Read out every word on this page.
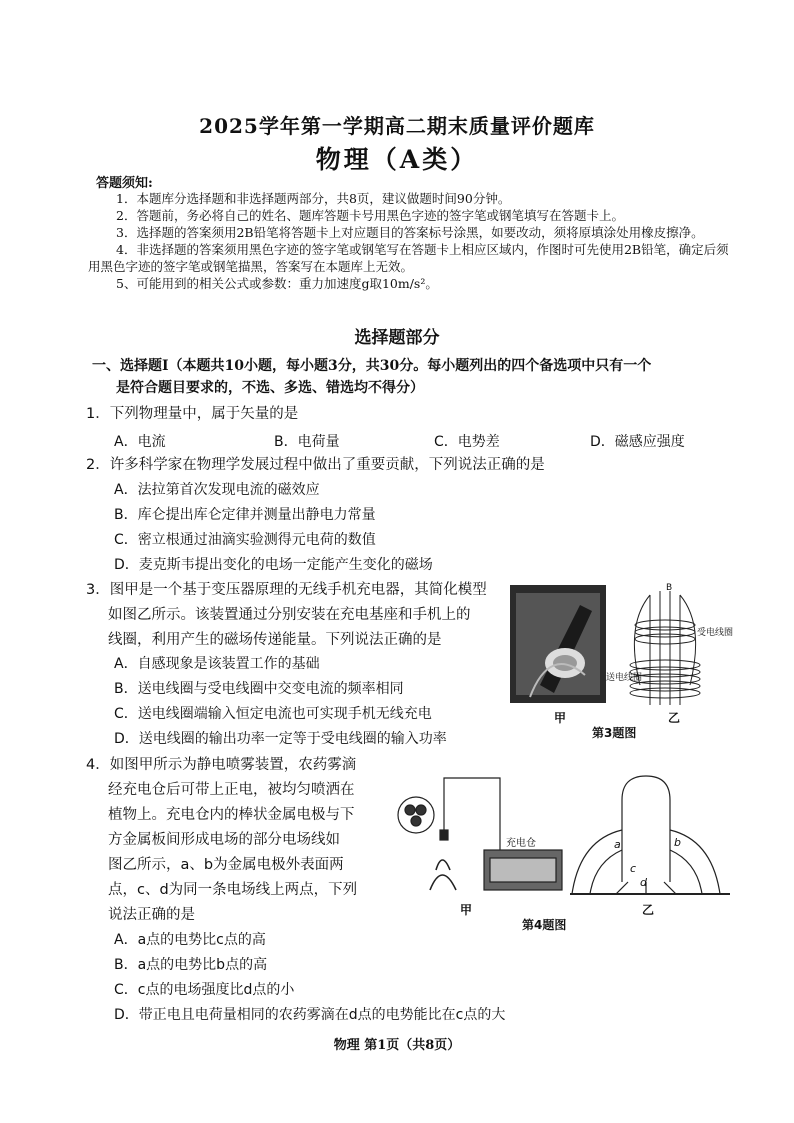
2025学年第一学期高二期末质量评价题库
物理（A类）
答题须知:

1．本题库分选择题和非选择题两部分，共8页，建议做题时间90分钟。

2．答题前，务必将自己的姓名、题库答题卡号用黑色字迹的签字笔或钢笔填写在答题卡上。

3．选择题的答案须用2B铅笔将答题卡上对应题目的答案标号涂黑，如要改动，须将原填涂处用橡皮擦净。

4．非选择题的答案须用黑色字迹的签字笔或钢笔写在答题卡上相应区域内，作图时可先使用2B铅笔，确定后须用黑色字迹的签字笔或钢笔描黑，答案写在本题库上无效。

5、可能用到的相关公式或参数：重力加速度g取10m/s²。

选择题部分

一、选择题Ⅰ（本题共10小题，每小题3分，共30分。每小题列出的四个备选项中只有一个

是符合题目要求的，不选、多选、错选均不得分）

1．下列物理量中，属于矢量的是

A．电流	B．电荷量	C．电势差	D．磁感应强度

2．许多科学家在物理学发展过程中做出了重要贡献，下列说法正确的是

A．法拉第首次发现电流的磁效应

B．库仑提出库仑定律并测量出静电力常量

C．密立根通过油滴实验测得元电荷的数值

D．麦克斯韦提出变化的电场一定能产生变化的磁场

3．图甲是一个基于变压器原理的无线手机充电器，其简化模型

如图乙所示。该装置通过分别安装在充电基座和手机上的

线圈，利用产生的磁场传递能量。下列说法正确的是

A．自感现象是该装置工作的基础

B．送电线圈与受电线圈中交变电流的频率相同

C．送电线圈端输入恒定电流也可实现手机无线充电

D．送电线圈的输出功率一定等于受电线圈的输入功率

B
受电线圈
送电线圈
甲	乙
第3题图

4．如图甲所示为静电喷雾装置，农药雾滴

经充电仓后可带上正电，被均匀喷洒在

植物上。充电仓内的棒状金属电极与下

方金属板间形成电场的部分电场线如

图乙所示，a、b为金属电极外表面两

点，c、d为同一条电场线上两点，下列

说法正确的是

A．a点的电势比c点的高

B．a点的电势比b点的高

C．c点的电场强度比d点的小

D．带正电且电荷量相同的农药雾滴在d点的电势能比在c点的大

充电仓	a	b
c
d
甲	乙
第4题图
物理 第1页（共8页）
